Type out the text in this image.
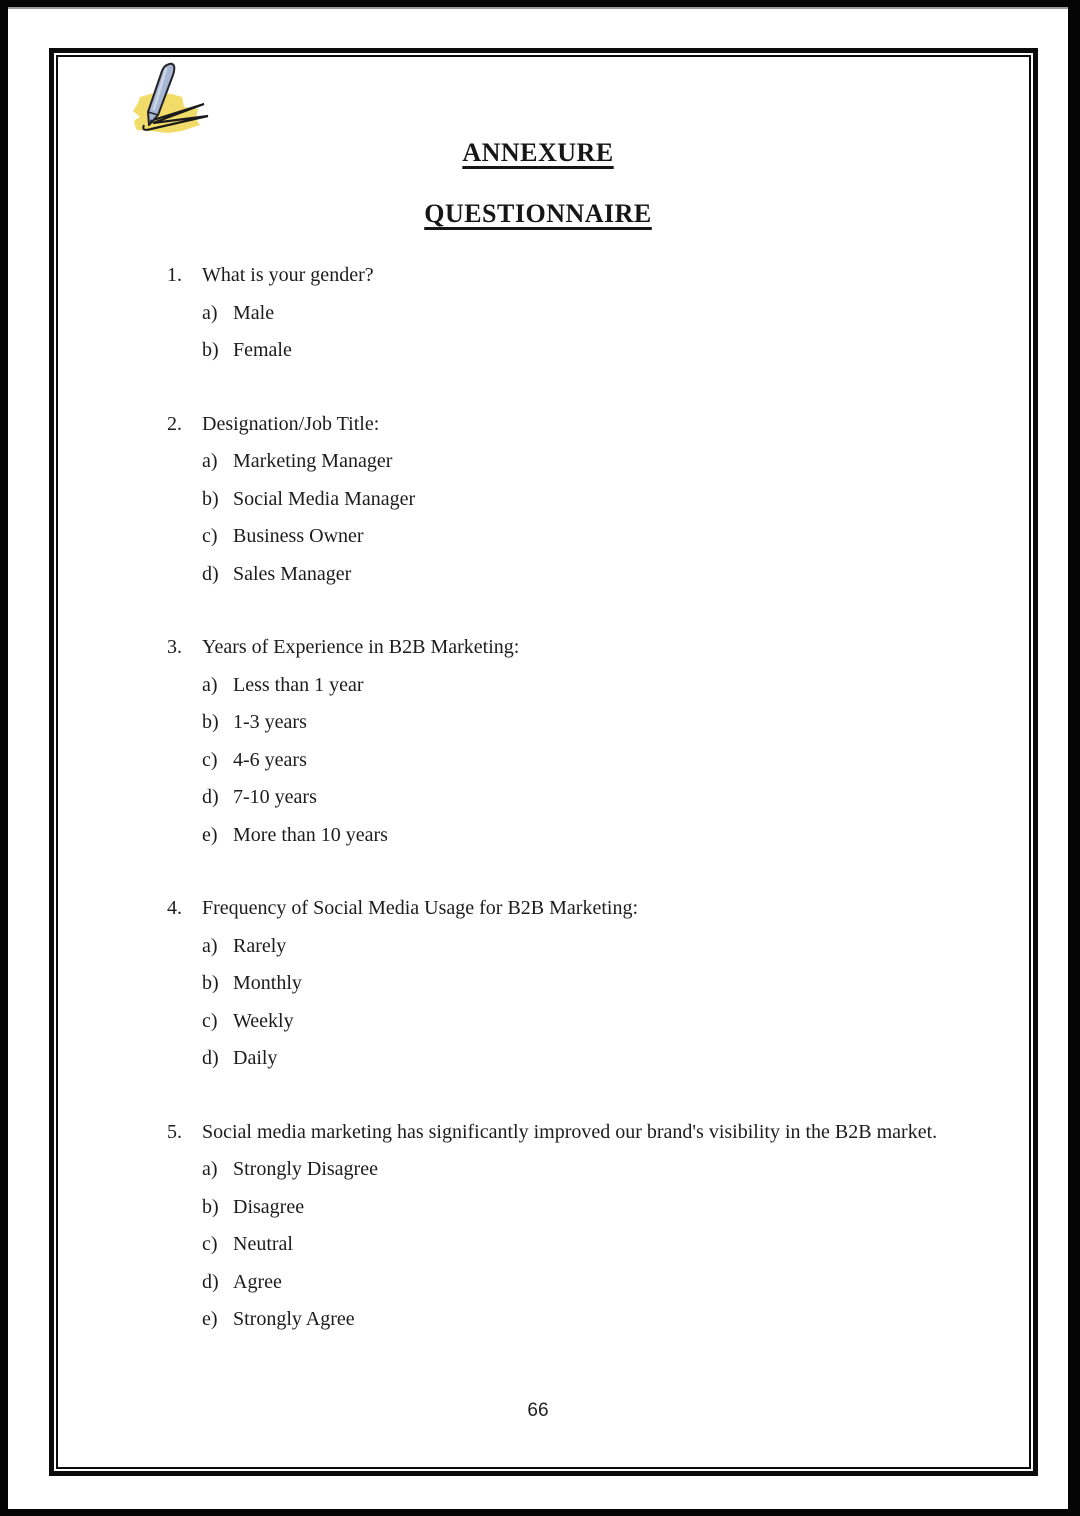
ANNEXURE
QUESTIONNAIRE
1.	What is your gender?
a) Male
b) Female
2.	Designation/Job Title:
a) Marketing Manager
b) Social Media Manager
c) Business Owner
d) Sales Manager
3.	Years of Experience in B2B Marketing:
a) Less than 1 year
b) 1-3 years
c) 4-6 years
d) 7-10 years
e) More than 10 years
4.	Frequency of Social Media Usage for B2B Marketing:
a) Rarely
b) Monthly
c) Weekly
d) Daily
5.	Social media marketing has significantly improved our brand's visibility in the B2B market.
a) Strongly Disagree
b) Disagree
c) Neutral
d) Agree
e) Strongly Agree
66
